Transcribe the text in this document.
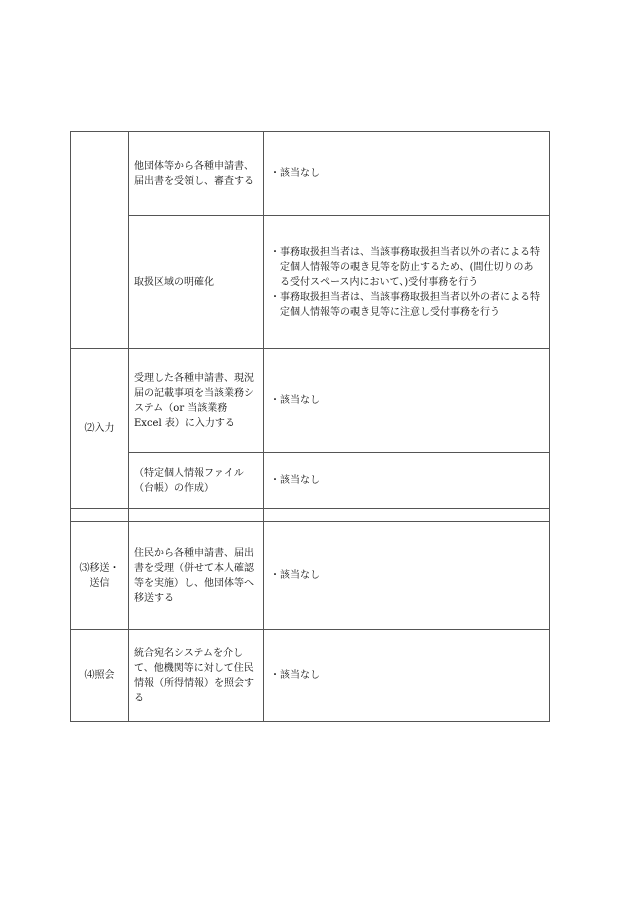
	他団体等から各種申請書、届出書を受領し、審査する	・該当なし

	取扱区域の明確化	・事務取扱担当者は、当該事務取扱担当者以外の者による特定個人情報等の覗き見等を防止するため、(間仕切りのある受付スペース内において、)受付事務を行う
・事務取扱担当者は、当該事務取扱担当者以外の者による特定個人情報等の覗き見等に注意し受付事務を行う

⑵入力	受理した各種申請書、現況届の記載事項を当該業務システム（or 当該業務 Excel 表）に入力する	・該当なし

	（特定個人情報ファイル（台帳）の作成）	・該当なし

⑶移送・送信	住民から各種申請書、届出書を受理（併せて本人確認等を実施）し、他団体等へ移送する	・該当なし

⑷照会	統合宛名システムを介して、他機関等に対して住民情報（所得情報）を照会する	・該当なし
